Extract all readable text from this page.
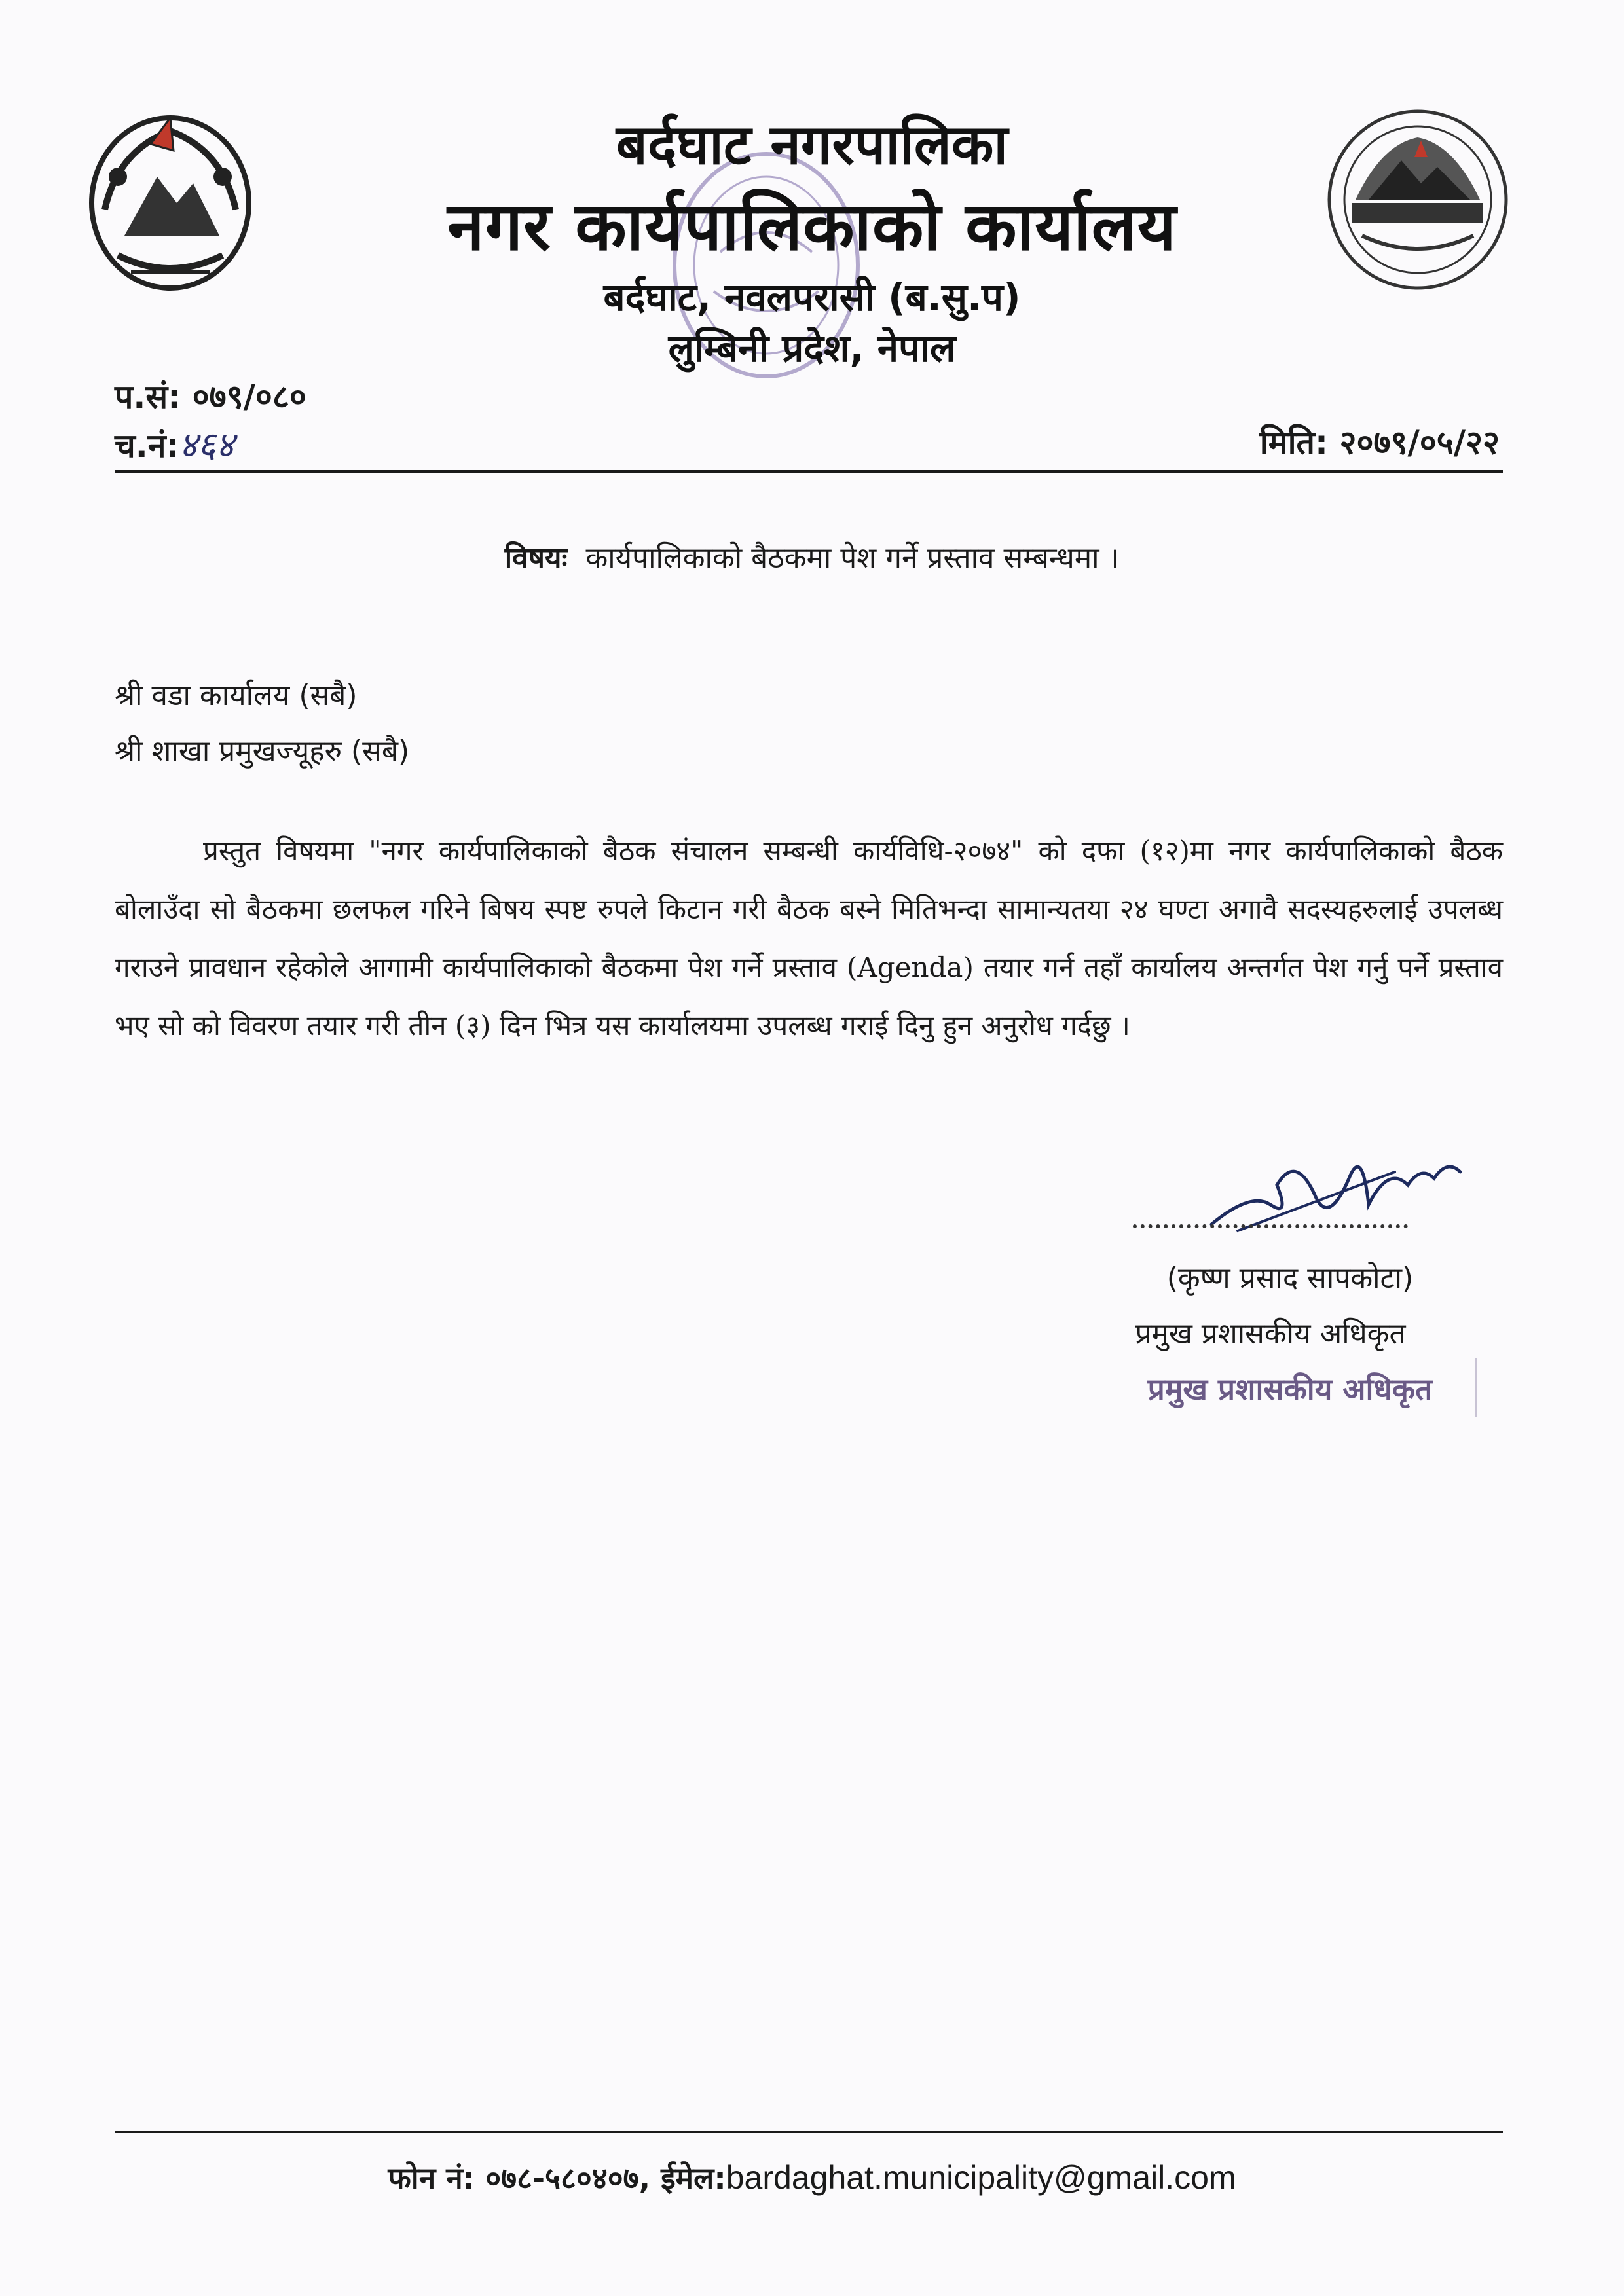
बर्दघाट नगरपालिका
नगर कार्यपालिकाको कार्यालय
बर्दघाट, नवलपरासी (ब.सु.प)
लुम्बिनी प्रदेश, नेपाल
प.सं: ०७९/०८०
च.नं:४६४	मिति: २०७९/०५/२२
विषयः कार्यपालिकाको बैठकमा पेश गर्ने प्रस्ताव सम्बन्धमा ।
श्री वडा कार्यालय (सबै)
श्री शाखा प्रमुखज्यूहरु (सबै)
प्रस्तुत विषयमा "नगर कार्यपालिकाको बैठक संचालन सम्बन्धी कार्यविधि-२०७४" को दफा (१२)मा नगर कार्यपालिकाको बैठक बोलाउँदा सो बैठकमा छलफल गरिने बिषय स्पष्ट रुपले किटान गरी बैठक बस्ने मितिभन्दा सामान्यतया २४ घण्टा अगावै सदस्यहरुलाई उपलब्ध गराउने प्रावधान रहेकोले आगामी कार्यपालिकाको बैठकमा पेश गर्ने प्रस्ताव (Agenda) तयार गर्न तहाँ कार्यालय अन्तर्गत पेश गर्नु पर्ने प्रस्ताव भए सो को विवरण तयार गरी तीन (३) दिन भित्र यस कार्यालयमा उपलब्ध गराई दिनु हुन अनुरोध गर्दछु ।
(कृष्ण प्रसाद सापकोटा)
प्रमुख प्रशासकीय अधिकृत
प्रमुख प्रशासकीय अधिकृत
फोन नं: ०७८-५८०४०७, ईमेल:bardaghat.municipality@gmail.com
